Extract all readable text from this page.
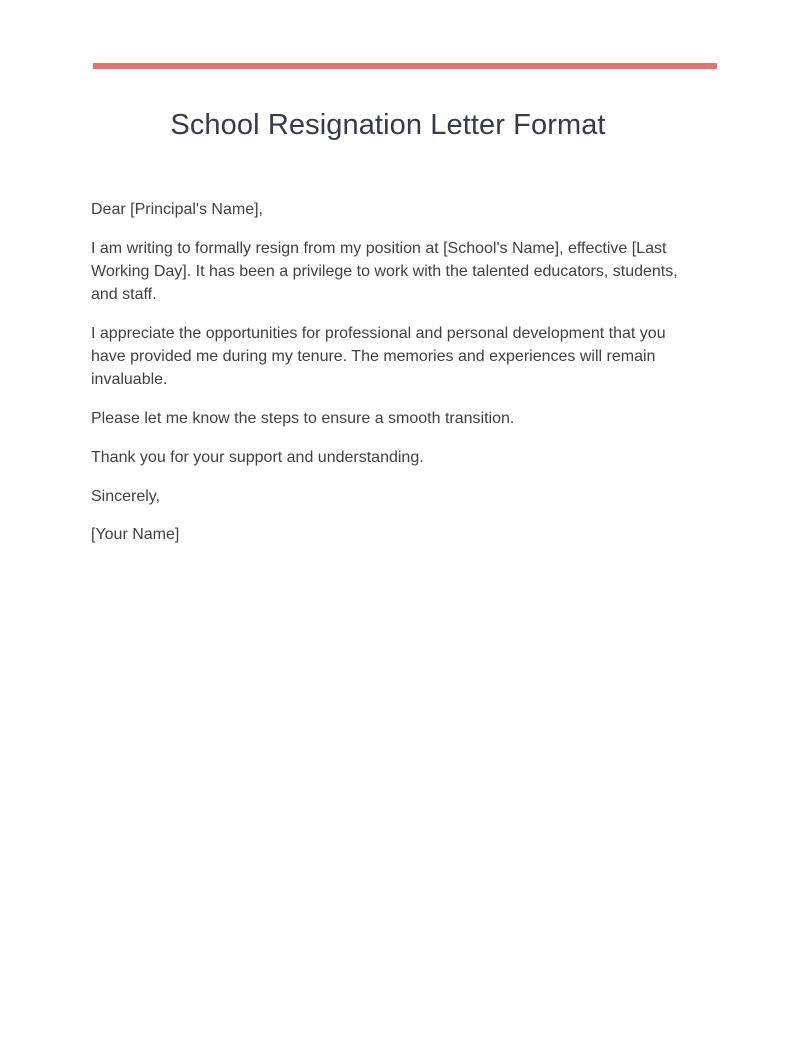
School Resignation Letter Format

Dear [Principal's Name],

I am writing to formally resign from my position at [School's Name], effective [Last Working Day]. It has been a privilege to work with the talented educators, students, and staff.

I appreciate the opportunities for professional and personal development that you have provided me during my tenure. The memories and experiences will remain invaluable.

Please let me know the steps to ensure a smooth transition.

Thank you for your support and understanding.

Sincerely,

[Your Name]
